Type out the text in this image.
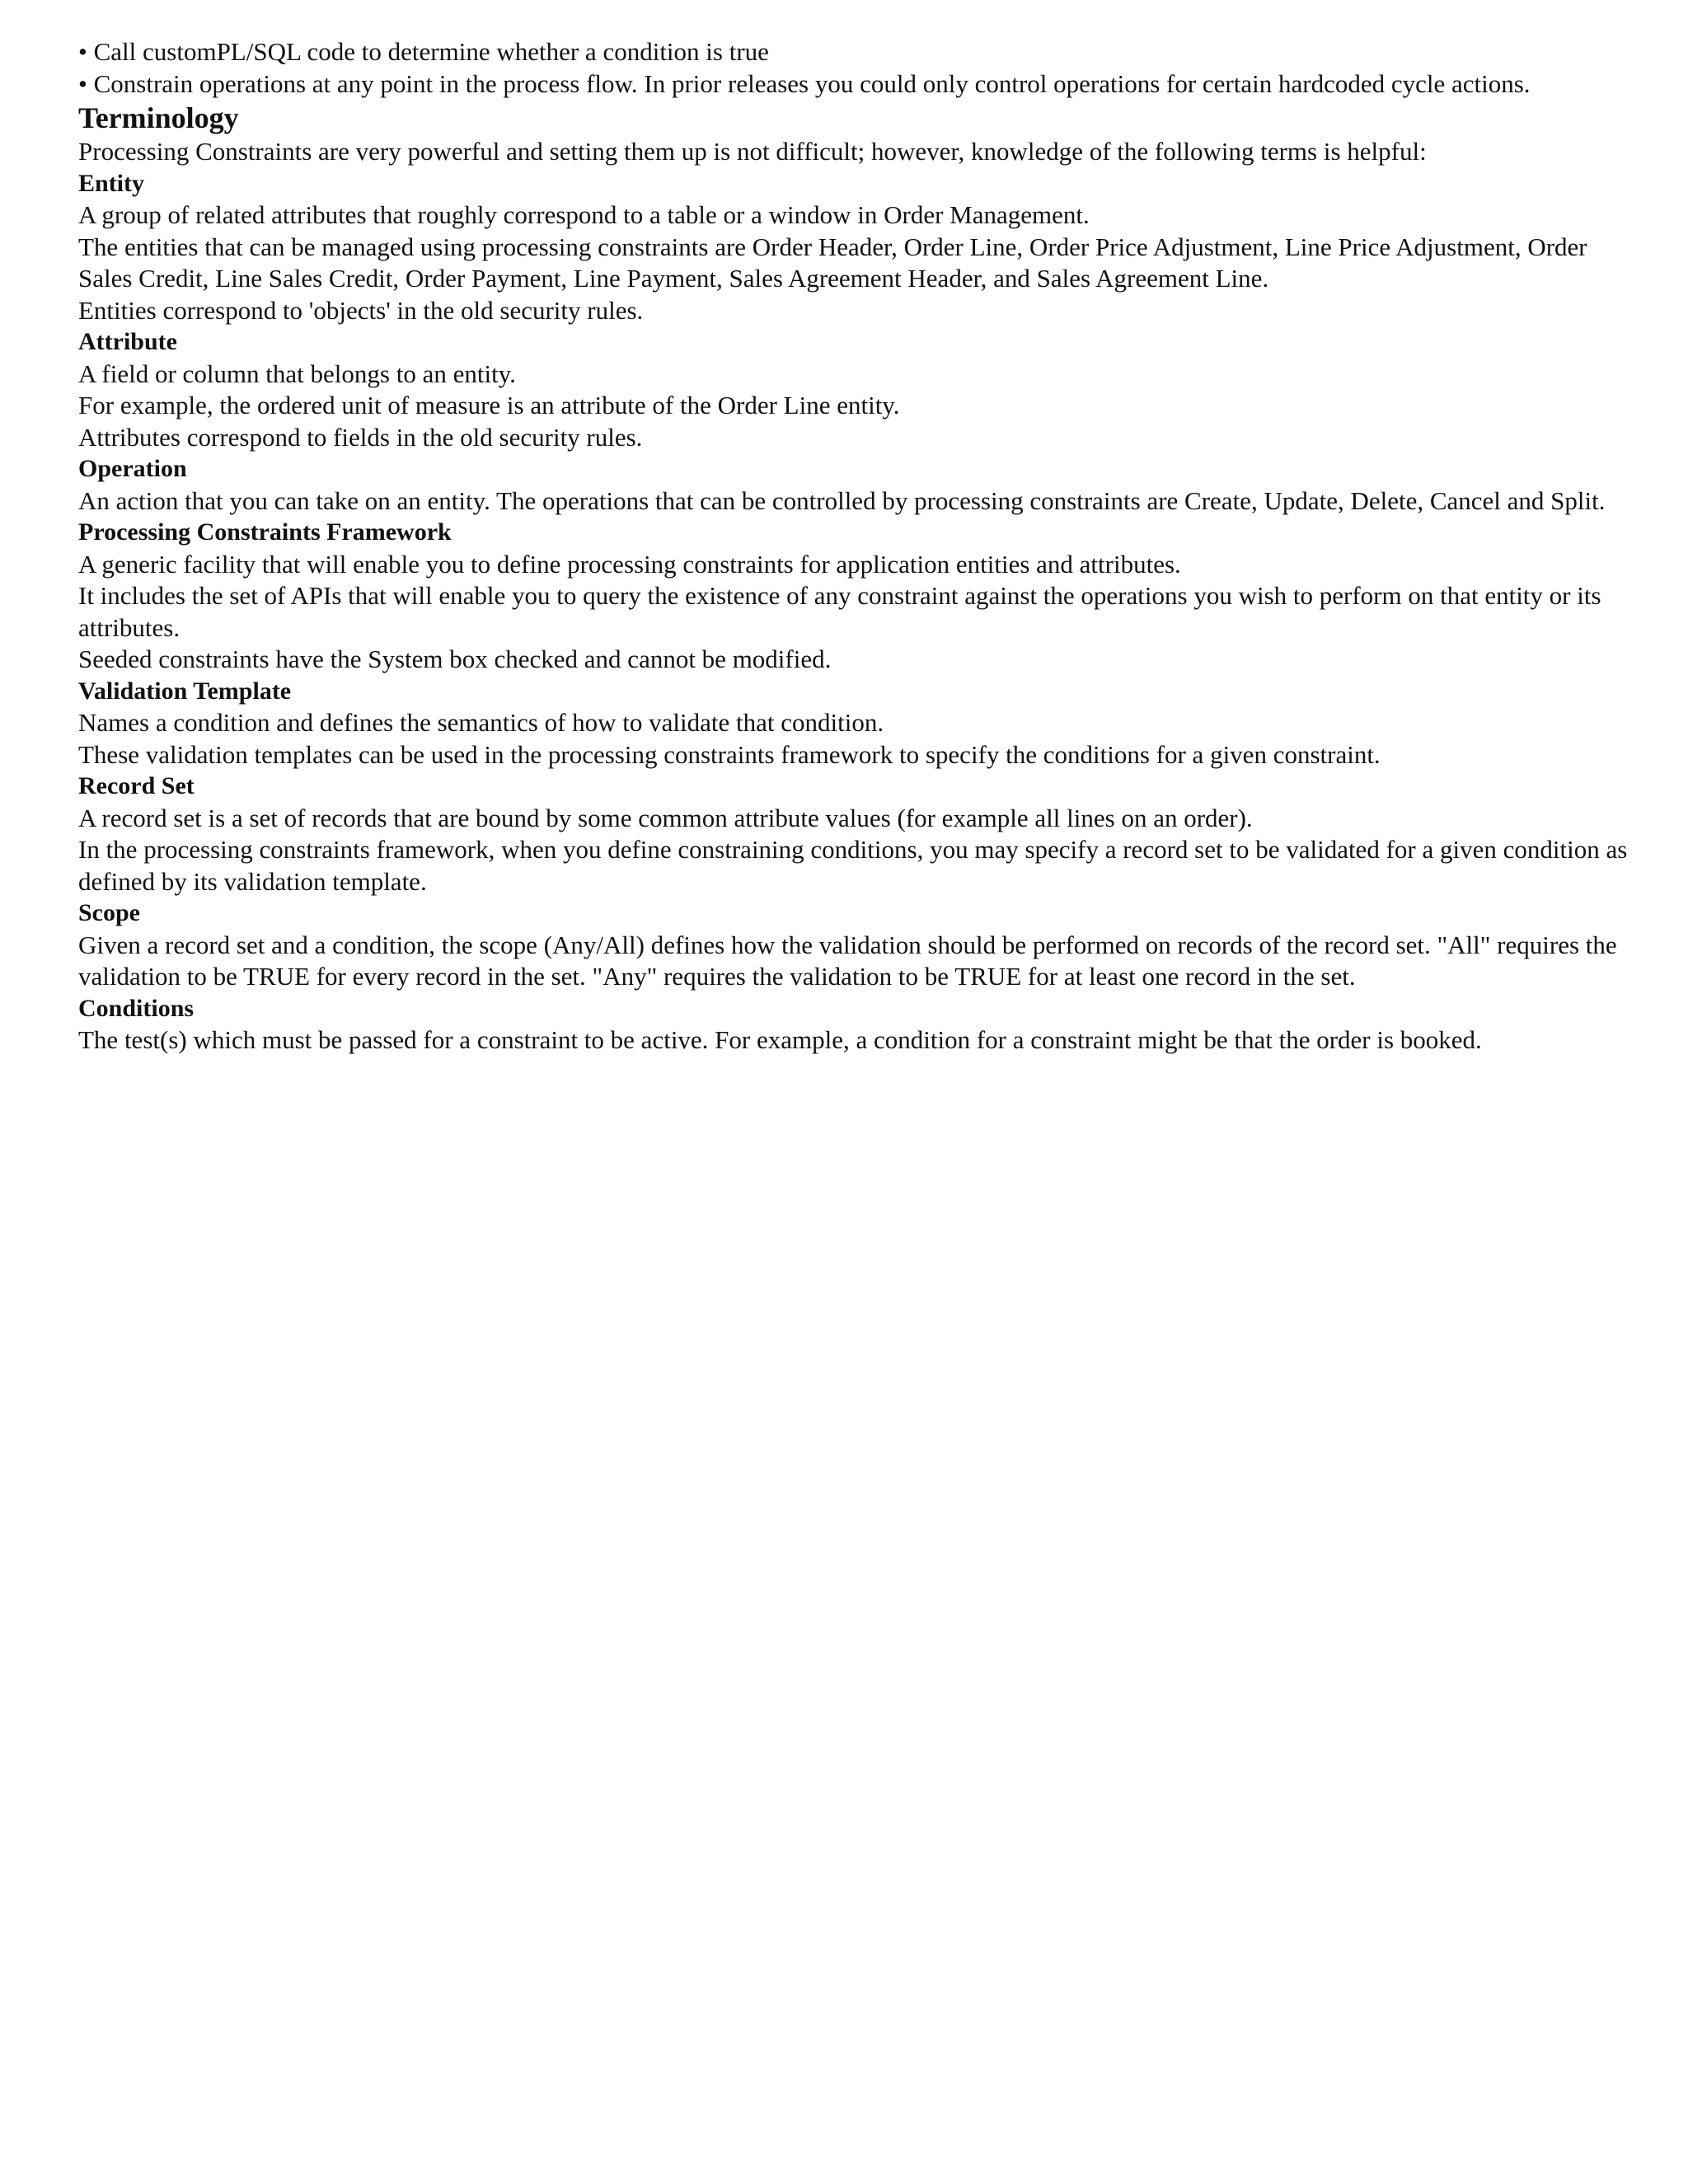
• Call customPL/SQL code to determine whether a condition is true
• Constrain operations at any point in the process flow. In prior releases you could only control operations for certain hardcoded cycle actions.
Terminology
Processing Constraints are very powerful and setting them up is not difficult; however, knowledge of the following terms is helpful:
Entity
A group of related attributes that roughly correspond to a table or a window in Order Management.
The entities that can be managed using processing constraints are Order Header, Order Line, Order Price Adjustment, Line Price Adjustment, Order Sales Credit, Line Sales Credit, Order Payment, Line Payment, Sales Agreement Header, and Sales Agreement Line.
Entities correspond to 'objects' in the old security rules.
Attribute
A field or column that belongs to an entity.
For example, the ordered unit of measure is an attribute of the Order Line entity.
Attributes correspond to fields in the old security rules.
Operation
An action that you can take on an entity. The operations that can be controlled by processing constraints are Create, Update, Delete, Cancel and Split.
Processing Constraints Framework
A generic facility that will enable you to define processing constraints for application entities and attributes.
It includes the set of APIs that will enable you to query the existence of any constraint against the operations you wish to perform on that entity or its attributes.
Seeded constraints have the System box checked and cannot be modified.
Validation Template
Names a condition and defines the semantics of how to validate that condition.
These validation templates can be used in the processing constraints framework to specify the conditions for a given constraint.
Record Set
A record set is a set of records that are bound by some common attribute values (for example all lines on an order).
In the processing constraints framework, when you define constraining conditions, you may specify a record set to be validated for a given condition as defined by its validation template.
Scope
Given a record set and a condition, the scope (Any/All) defines how the validation should be performed on records of the record set. "All" requires the validation to be TRUE for every record in the set. "Any" requires the validation to be TRUE for at least one record in the set.
Conditions
The test(s) which must be passed for a constraint to be active. For example, a condition for a constraint might be that the order is booked.
